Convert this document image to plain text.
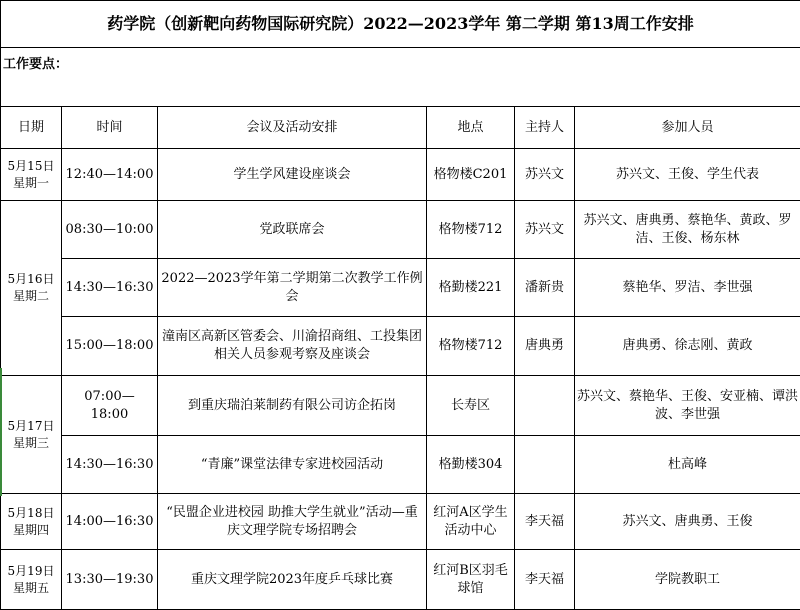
药学院（创新靶向药物国际研究院）2022—2023学年 第二学期 第13周工作安排					
工作要点：					
日期	时间	会议及活动安排	地点	主持人	参加人员
5月15日
星期一	12:40—14:00	学生学风建设座谈会	格物楼C201	苏兴文	苏兴文、王俊、学生代表
5月16日
星期二	08:30—10:00	党政联席会	格物楼712	苏兴文	苏兴文、唐典勇、蔡艳华、黄政、罗洁、王俊、杨东林
	14:30—16:30	2022—2023学年第二学期第二次教学工作例会	格勤楼221	潘新贵	蔡艳华、罗洁、李世强
	15:00—18:00	潼南区高新区管委会、川渝招商组、工投集团相关人员参观考察及座谈会	格物楼712	唐典勇	唐典勇、徐志刚、黄政
5月17日
星期三	07:00— 18:00	到重庆瑞泊莱制药有限公司访企拓岗	长寿区		苏兴文、蔡艳华、王俊、安亚楠、谭洪波、李世强
	14:30—16:30	“青廉”课堂法律专家进校园活动	格勤楼304		杜高峰
5月18日
星期四	14:00—16:30	“民盟企业进校园 助推大学生就业”活动—重庆文理学院专场招聘会	红河A区学生活动中心	李天福	苏兴文、唐典勇、王俊
5月19日
星期五	13:30—19:30	重庆文理学院2023年度乒乓球比赛	红河B区羽毛球馆	李天福	学院教职工
